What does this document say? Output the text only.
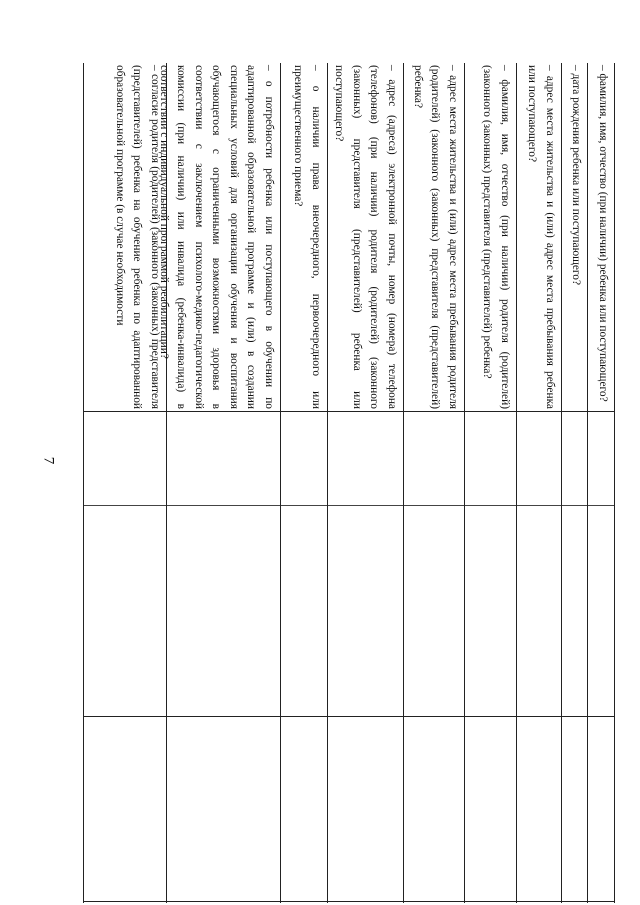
7
– фамилия, имя, отчество (при наличии) ребенка или поступающего?
– дата рождения ребенка или поступающего?
– адрес места жительства и (или) адрес места пребывания ребенка или поступающего?
– фамилия, имя, отчество (при наличии) родителя (родителей) (законного (законных) представителя (представителей) ребенка?
– адрес места жительства и (или) адрес места пребывания родителя (родителей) (законного (законных) представителя (представителей) ребенка?
– адрес (адреса) электронной почты, номер (номера) телефона (телефонов) (при наличии) родителя (родителей) (законного (законных) представителя (представителей) ребенка или поступающего?
– о наличии права внеочередного, первоочередного или преимущественного приема?
– о потребности ребенка или поступающего в обучении по адаптированной образовательной программе и (или) в создании специальных условий для организации обучения и воспитания обучающегося с ограниченными возможностями здоровья в соответствии с заключением психолого-медико-педагогической комиссии (при наличии) или инвалида (ребенка-инвалида) в соответствии с индивидуальной программой реабилитации?
– согласие родителя (родителей) (законного (законных) представителя (представителей) ребенка на обучение ребенка по адаптированной образовательной программе (в случае необходимости
